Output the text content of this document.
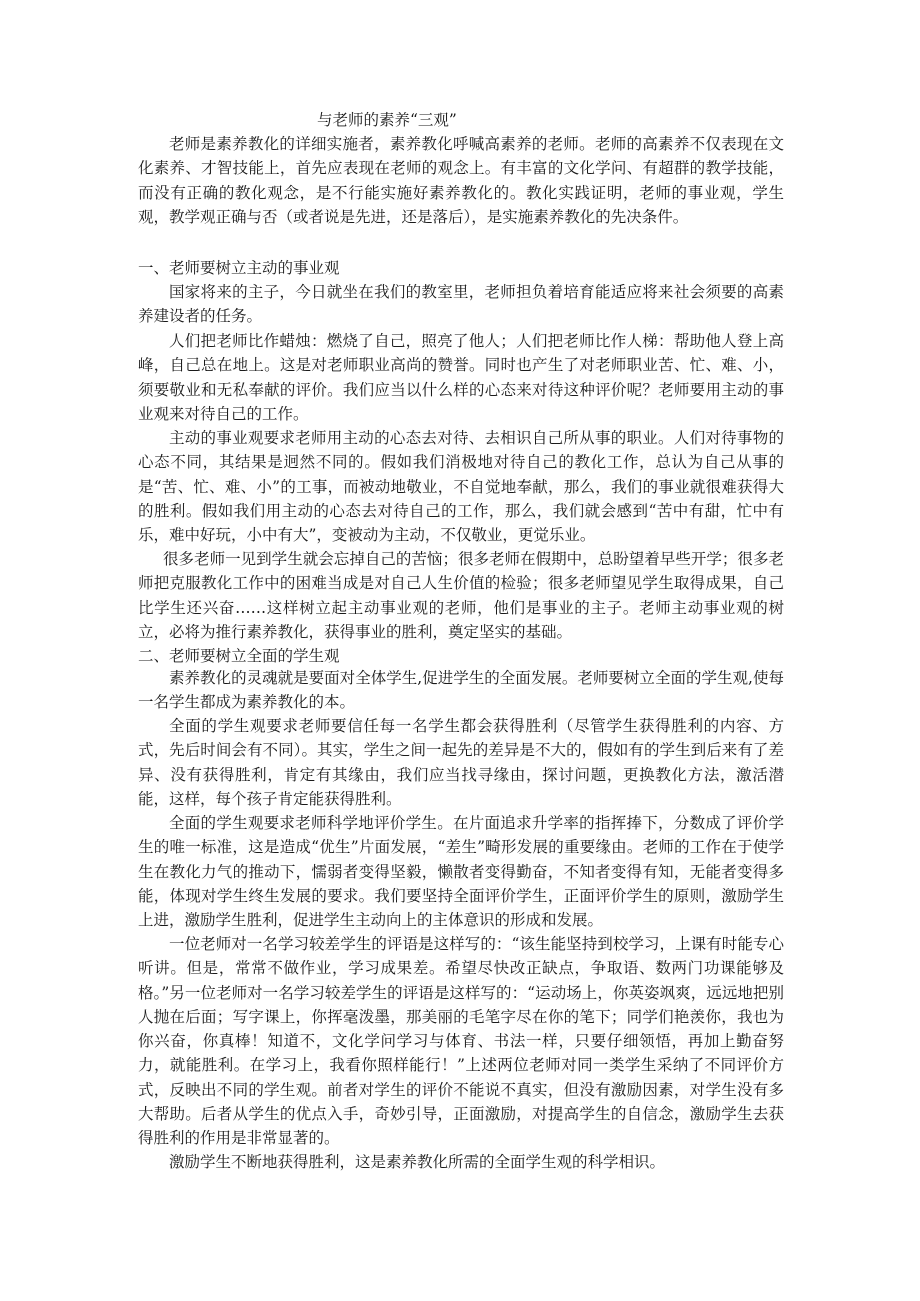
与老师的素养“三观”
老师是素养教化的详细实施者，素养教化呼喊高素养的老师。老师的高素养不仅表现在文化素养、才智技能上，首先应表现在老师的观念上。有丰富的文化学问、有超群的教学技能，而没有正确的教化观念，是不行能实施好素养教化的。教化实践证明，老师的事业观，学生观，教学观正确与否（或者说是先进，还是落后），是实施素养教化的先决条件。
一、老师要树立主动的事业观
国家将来的主子，今日就坐在我们的教室里，老师担负着培育能适应将来社会须要的高素养建设者的任务。
人们把老师比作蜡烛：燃烧了自己，照亮了他人；人们把老师比作人梯：帮助他人登上高峰，自己总在地上。这是对老师职业高尚的赞誉。同时也产生了对老师职业苦、忙、难、小，须要敬业和无私奉献的评价。我们应当以什么样的心态来对待这种评价呢？老师要用主动的事业观来对待自己的工作。
主动的事业观要求老师用主动的心态去对待、去相识自己所从事的职业。人们对待事物的心态不同，其结果是迥然不同的。假如我们消极地对待自己的教化工作，总认为自己从事的是“苦、忙、难、小”的工事，而被动地敬业，不自觉地奉献，那么，我们的事业就很难获得大的胜利。假如我们用主动的心态去对待自己的工作，那么，我们就会感到“苦中有甜，忙中有乐，难中好玩，小中有大”，变被动为主动，不仅敬业，更觉乐业。
很多老师一见到学生就会忘掉自己的苦恼；很多老师在假期中，总盼望着早些开学；很多老师把克服教化工作中的困难当成是对自己人生价值的检验；很多老师望见学生取得成果，自己比学生还兴奋……这样树立起主动事业观的老师，他们是事业的主子。老师主动事业观的树立，必将为推行素养教化，获得事业的胜利，奠定坚实的基础。
二、老师要树立全面的学生观
素养教化的灵魂就是要面对全体学生,促进学生的全面发展。老师要树立全面的学生观,使每一名学生都成为素养教化的本。
全面的学生观要求老师要信任每一名学生都会获得胜利（尽管学生获得胜利的内容、方式，先后时间会有不同）。其实，学生之间一起先的差异是不大的，假如有的学生到后来有了差异、没有获得胜利，肯定有其缘由，我们应当找寻缘由，探讨问题，更换教化方法，激活潜能，这样，每个孩子肯定能获得胜利。
全面的学生观要求老师科学地评价学生。在片面追求升学率的指挥捧下，分数成了评价学生的唯一标准，这是造成“优生”片面发展，“差生”畸形发展的重要缘由。老师的工作在于使学生在教化力气的推动下，懦弱者变得坚毅，懒散者变得勤奋，不知者变得有知，无能者变得多能，体现对学生终生发展的要求。我们要坚持全面评价学生，正面评价学生的原则，激励学生上进，激励学生胜利，促进学生主动向上的主体意识的形成和发展。
一位老师对一名学习较差学生的评语是这样写的：“该生能坚持到校学习，上课有时能专心听讲。但是，常常不做作业，学习成果差。希望尽快改正缺点，争取语、数两门功课能够及格。”另一位老师对一名学习较差学生的评语是这样写的：“运动场上，你英姿飒爽，远远地把别人抛在后面；写字课上，你挥毫泼墨，那美丽的毛笔字尽在你的笔下；同学们艳羡你，我也为你兴奋，你真棒！知道不，文化学问学习与体育、书法一样，只要仔细领悟，再加上勤奋努力，就能胜利。在学习上，我看你照样能行！”上述两位老师对同一类学生采纳了不同评价方式，反映出不同的学生观。前者对学生的评价不能说不真实，但没有激励因素，对学生没有多大帮助。后者从学生的优点入手，奇妙引导，正面激励，对提高学生的自信念，激励学生去获得胜利的作用是非常显著的。
激励学生不断地获得胜利，这是素养教化所需的全面学生观的科学相识。
